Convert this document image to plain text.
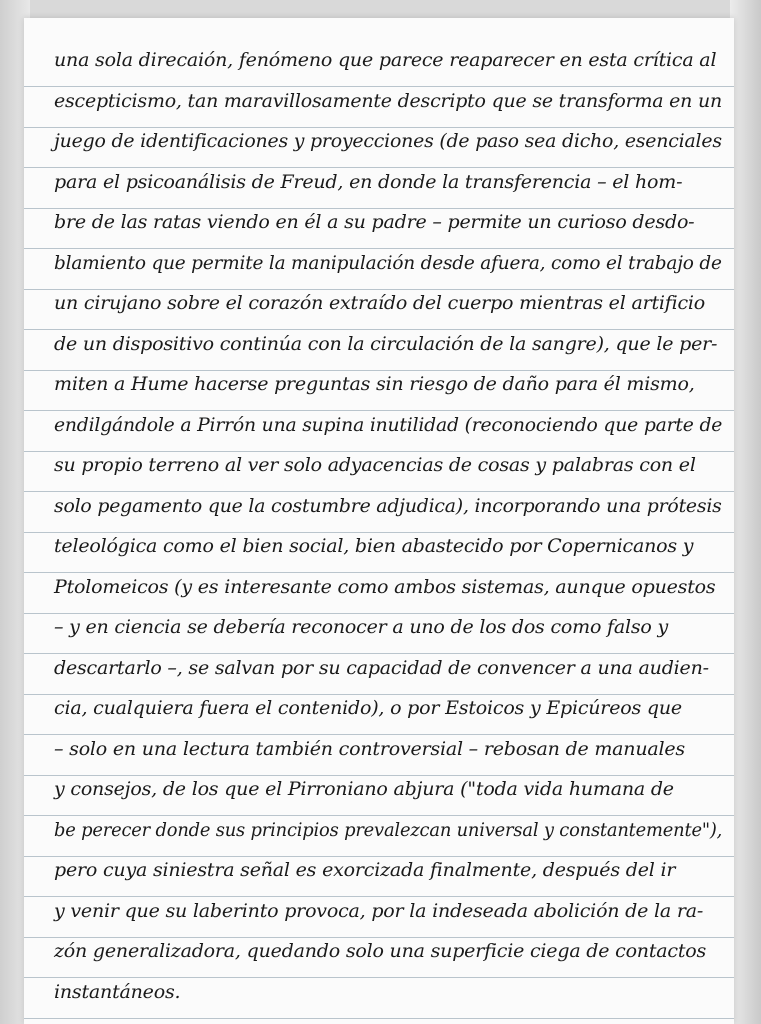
una sola direcaión, fenómeno que parece reaparecer en esta crítica al
escepticismo, tan maravillosamente descripto que se transforma en un
juego de identificaciones y proyecciones (de paso sea dicho, esenciales
para el psicoanálisis de Freud, en donde la transferencia – el hom-
bre de las ratas viendo en él a su padre – permite un curioso desdo-
blamiento que permite la manipulación desde afuera, como el trabajo de
un cirujano sobre el corazón extraído del cuerpo mientras el artificio
de un dispositivo continúa con la circulación de la sangre), que le per-
miten a Hume hacerse preguntas sin riesgo de daño para él mismo,
endilgándole a Pirrón una supina inutilidad (reconociendo que parte de
su propio terreno al ver solo adyacencias de cosas y palabras con el
solo pegamento que la costumbre adjudica), incorporando una prótesis
teleológica como el bien social, bien abastecido por Copernicanos y
Ptolomeicos (y es interesante como ambos sistemas, aunque opuestos
– y en ciencia se debería reconocer a uno de los dos como falso y
descartarlo –, se salvan por su capacidad de convencer a una audien-
cia, cualquiera fuera el contenido), o por Estoicos y Epicúreos que
– solo en una lectura también controversial – rebosan de manuales
y consejos, de los que el Pirroniano abjura ("toda vida humana de
be perecer donde sus principios prevalezcan universal y constantemente"),
pero cuya siniestra señal es exorcizada finalmente, después del ir
y venir que su laberinto provoca, por la indeseada abolición de la ra-
zón generalizadora, quedando solo una superficie ciega de contactos
instantáneos.
